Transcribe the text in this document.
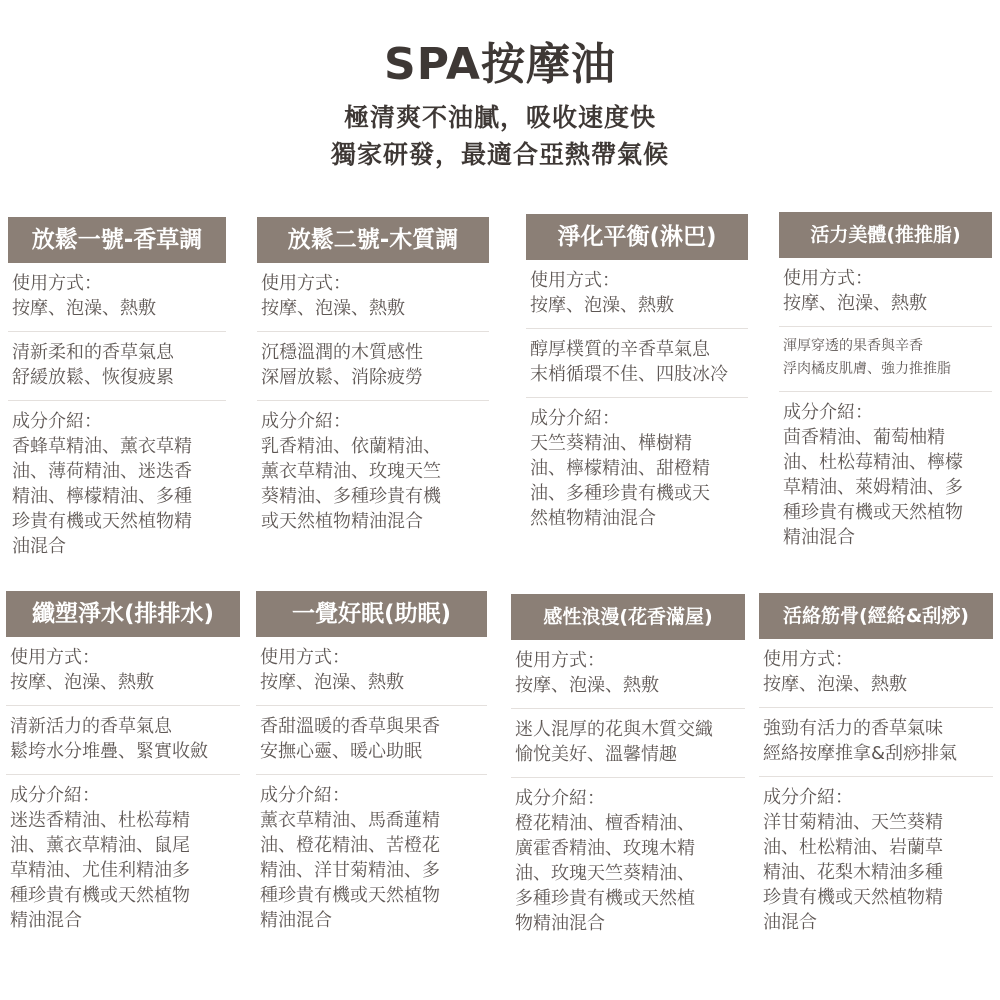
SPA按摩油
極清爽不油膩，吸收速度快
獨家研發，最適合亞熱帶氣候
放鬆一號-香草調
使用方式：
按摩、泡澡、熱敷
清新柔和的香草氣息
舒緩放鬆、恢復疲累
成分介紹：
香蜂草精油、薰衣草精
油、薄荷精油、迷迭香
精油、檸檬精油、多種
珍貴有機或天然植物精
油混合
放鬆二號-木質調
使用方式：
按摩、泡澡、熱敷
沉穩溫潤的木質感性
深層放鬆、消除疲勞
成分介紹：
乳香精油、依蘭精油、
薰衣草精油、玫瑰天竺
葵精油、多種珍貴有機
或天然植物精油混合
淨化平衡(淋巴)
使用方式：
按摩、泡澡、熱敷
醇厚樸質的辛香草氣息
末梢循環不佳、四肢冰冷
成分介紹：
天竺葵精油、樺樹精
油、檸檬精油、甜橙精
油、多種珍貴有機或天
然植物精油混合
活力美體(推推脂)
使用方式：
按摩、泡澡、熱敷
渾厚穿透的果香與辛香
浮肉橘皮肌膚、強力推推脂
成分介紹：
茴香精油、葡萄柚精
油、杜松莓精油、檸檬
草精油、萊姆精油、多
種珍貴有機或天然植物
精油混合
纖塑淨水(排排水)
使用方式：
按摩、泡澡、熱敷
清新活力的香草氣息
鬆垮水分堆疊、緊實收斂
成分介紹：
迷迭香精油、杜松莓精
油、薰衣草精油、鼠尾
草精油、尤佳利精油多
種珍貴有機或天然植物
精油混合
一覺好眠(助眠)
使用方式：
按摩、泡澡、熱敷
香甜溫暖的香草與果香
安撫心靈、暖心助眠
成分介紹：
薰衣草精油、馬喬蓮精
油、橙花精油、苦橙花
精油、洋甘菊精油、多
種珍貴有機或天然植物
精油混合
感性浪漫(花香滿屋)
使用方式：
按摩、泡澡、熱敷
迷人混厚的花與木質交織
愉悅美好、溫馨情趣
成分介紹：
橙花精油、檀香精油、
廣霍香精油、玫瑰木精
油、玫瑰天竺葵精油、
多種珍貴有機或天然植
物精油混合
活絡筋骨(經絡&刮痧)
使用方式：
按摩、泡澡、熱敷
強勁有活力的香草氣味
經絡按摩推拿&刮痧排氣
成分介紹：
洋甘菊精油、天竺葵精
油、杜松精油、岩蘭草
精油、花梨木精油多種
珍貴有機或天然植物精
油混合
